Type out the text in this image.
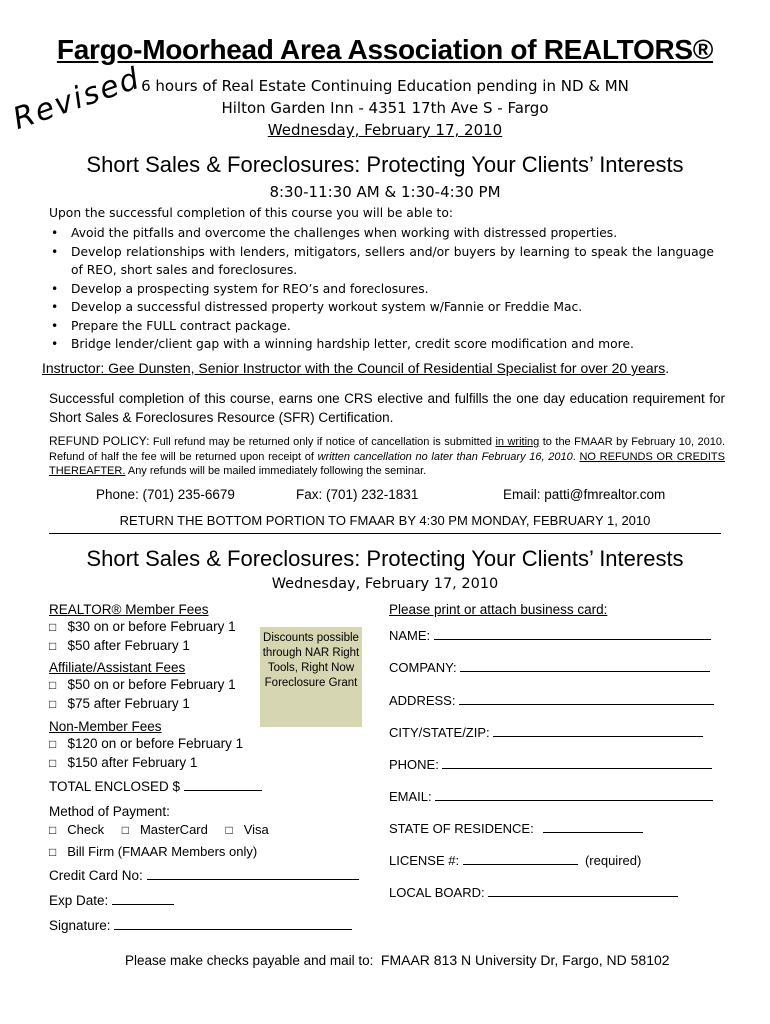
Fargo-Moorhead Area Association of REALTORS®
6 hours of Real Estate Continuing Education pending in ND & MN
Hilton Garden Inn - 4351 17th Ave S - Fargo
Wednesday, February 17, 2010
Revised
Short Sales & Foreclosures: Protecting Your Clients’ Interests
8:30-11:30 AM & 1:30-4:30 PM
Upon the successful completion of this course you will be able to:
• Avoid the pitfalls and overcome the challenges when working with distressed properties.
• Develop relationships with lenders, mitigators, sellers and/or buyers by learning to speak the language of REO, short sales and foreclosures.
• Develop a prospecting system for REO’s and foreclosures.
• Develop a successful distressed property workout system w/Fannie or Freddie Mac.
• Prepare the FULL contract package.
• Bridge lender/client gap with a winning hardship letter, credit score modification and more.
Instructor: Gee Dunsten, Senior Instructor with the Council of Residential Specialist for over 20 years.
Successful completion of this course, earns one CRS elective and fulfills the one day education requirement for Short Sales & Foreclosures Resource (SFR) Certification.
REFUND POLICY: Full refund may be returned only if notice of cancellation is submitted in writing to the FMAAR by February 10, 2010. Refund of half the fee will be returned upon receipt of written cancellation no later than February 16, 2010. NO REFUNDS OR CREDITS THEREAFTER. Any refunds will be mailed immediately following the seminar.
Phone: (701) 235-6679	Fax: (701) 232-1831	Email: patti@fmrealtor.com
RETURN THE BOTTOM PORTION TO FMAAR BY 4:30 PM MONDAY, FEBRUARY 1, 2010
Short Sales & Foreclosures: Protecting Your Clients’ Interests
Wednesday, February 17, 2010
REALTOR® Member Fees
□ $30 on or before February 1
□ $50 after February 1
Affiliate/Assistant Fees
□ $50 on or before February 1
□ $75 after February 1
Non-Member Fees
□ $120 on or before February 1
□ $150 after February 1
Discounts possible through NAR Right Tools, Right Now Foreclosure Grant
TOTAL ENCLOSED $
Method of Payment:
□ Check □ MasterCard □ Visa
□ Bill Firm (FMAAR Members only)
Credit Card No:
Exp Date:
Signature:
Please print or attach business card:
NAME:
COMPANY:
ADDRESS:
CITY/STATE/ZIP:
PHONE:
EMAIL:
STATE OF RESIDENCE:
LICENSE #:	(required)
LOCAL BOARD:
Please make checks payable and mail to: FMAAR 813 N University Dr, Fargo, ND 58102
